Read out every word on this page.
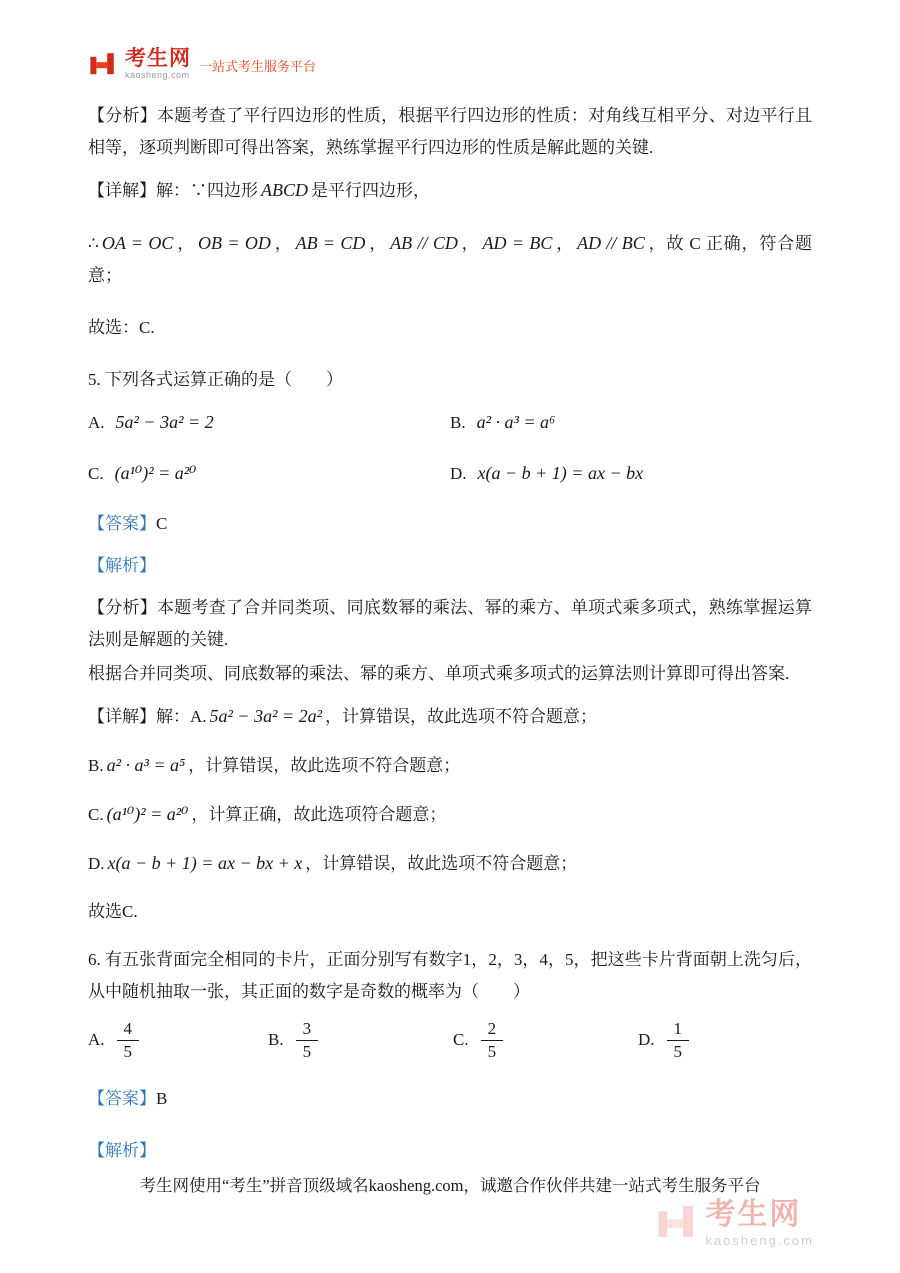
考生网
kaosheng.com
一站式考生服务平台
【分析】本题考查了平行四边形的性质，根据平行四边形的性质：对角线互相平分、对边平行且相等，逐项判断即可得出答案，熟练掌握平行四边形的性质是解此题的关键.
【详解】解：∵四边形 ABCD 是平行四边形，
∴ OA = OC ， OB = OD ， AB = CD ， AB // CD ， AD = BC ， AD // BC ，故 C 正确，符合题意；
故选：C.
5. 下列各式运算正确的是（　　）
A. 5a² − 3a² = 2	B. a² · a³ = a⁶
C. (a¹⁰)² = a²⁰	D. x(a − b + 1) = ax − bx
【答案】C
【解析】
【分析】本题考查了合并同类项、同底数幂的乘法、幂的乘方、单项式乘多项式，熟练掌握运算法则是解题的关键.
根据合并同类项、同底数幂的乘法、幂的乘方、单项式乘多项式的运算法则计算即可得出答案.
【详解】解：A. 5a² − 3a² = 2a² ，计算错误，故此选项不符合题意；
B. a² · a³ = a⁵ ，计算错误，故此选项不符合题意；
C. (a¹⁰)² = a²⁰ ，计算正确，故此选项符合题意；
D. x(a − b + 1) = ax − bx + x ，计算错误，故此选项不符合题意；
故选C.
6. 有五张背面完全相同的卡片，正面分别写有数字1，2，3，4，5，把这些卡片背面朝上洗匀后，从中随机抽取一张，其正面的数字是奇数的概率为（　　）
A. $\frac{4}{5}$	B. $\frac{3}{5}$	C. $\frac{2}{5}$	D. $\frac{1}{5}$
【答案】B
【解析】
考生网使用“考生”拼音顶级域名kaosheng.com，诚邀合作伙伴共建一站式考生服务平台
考生网
kaosheng.com
